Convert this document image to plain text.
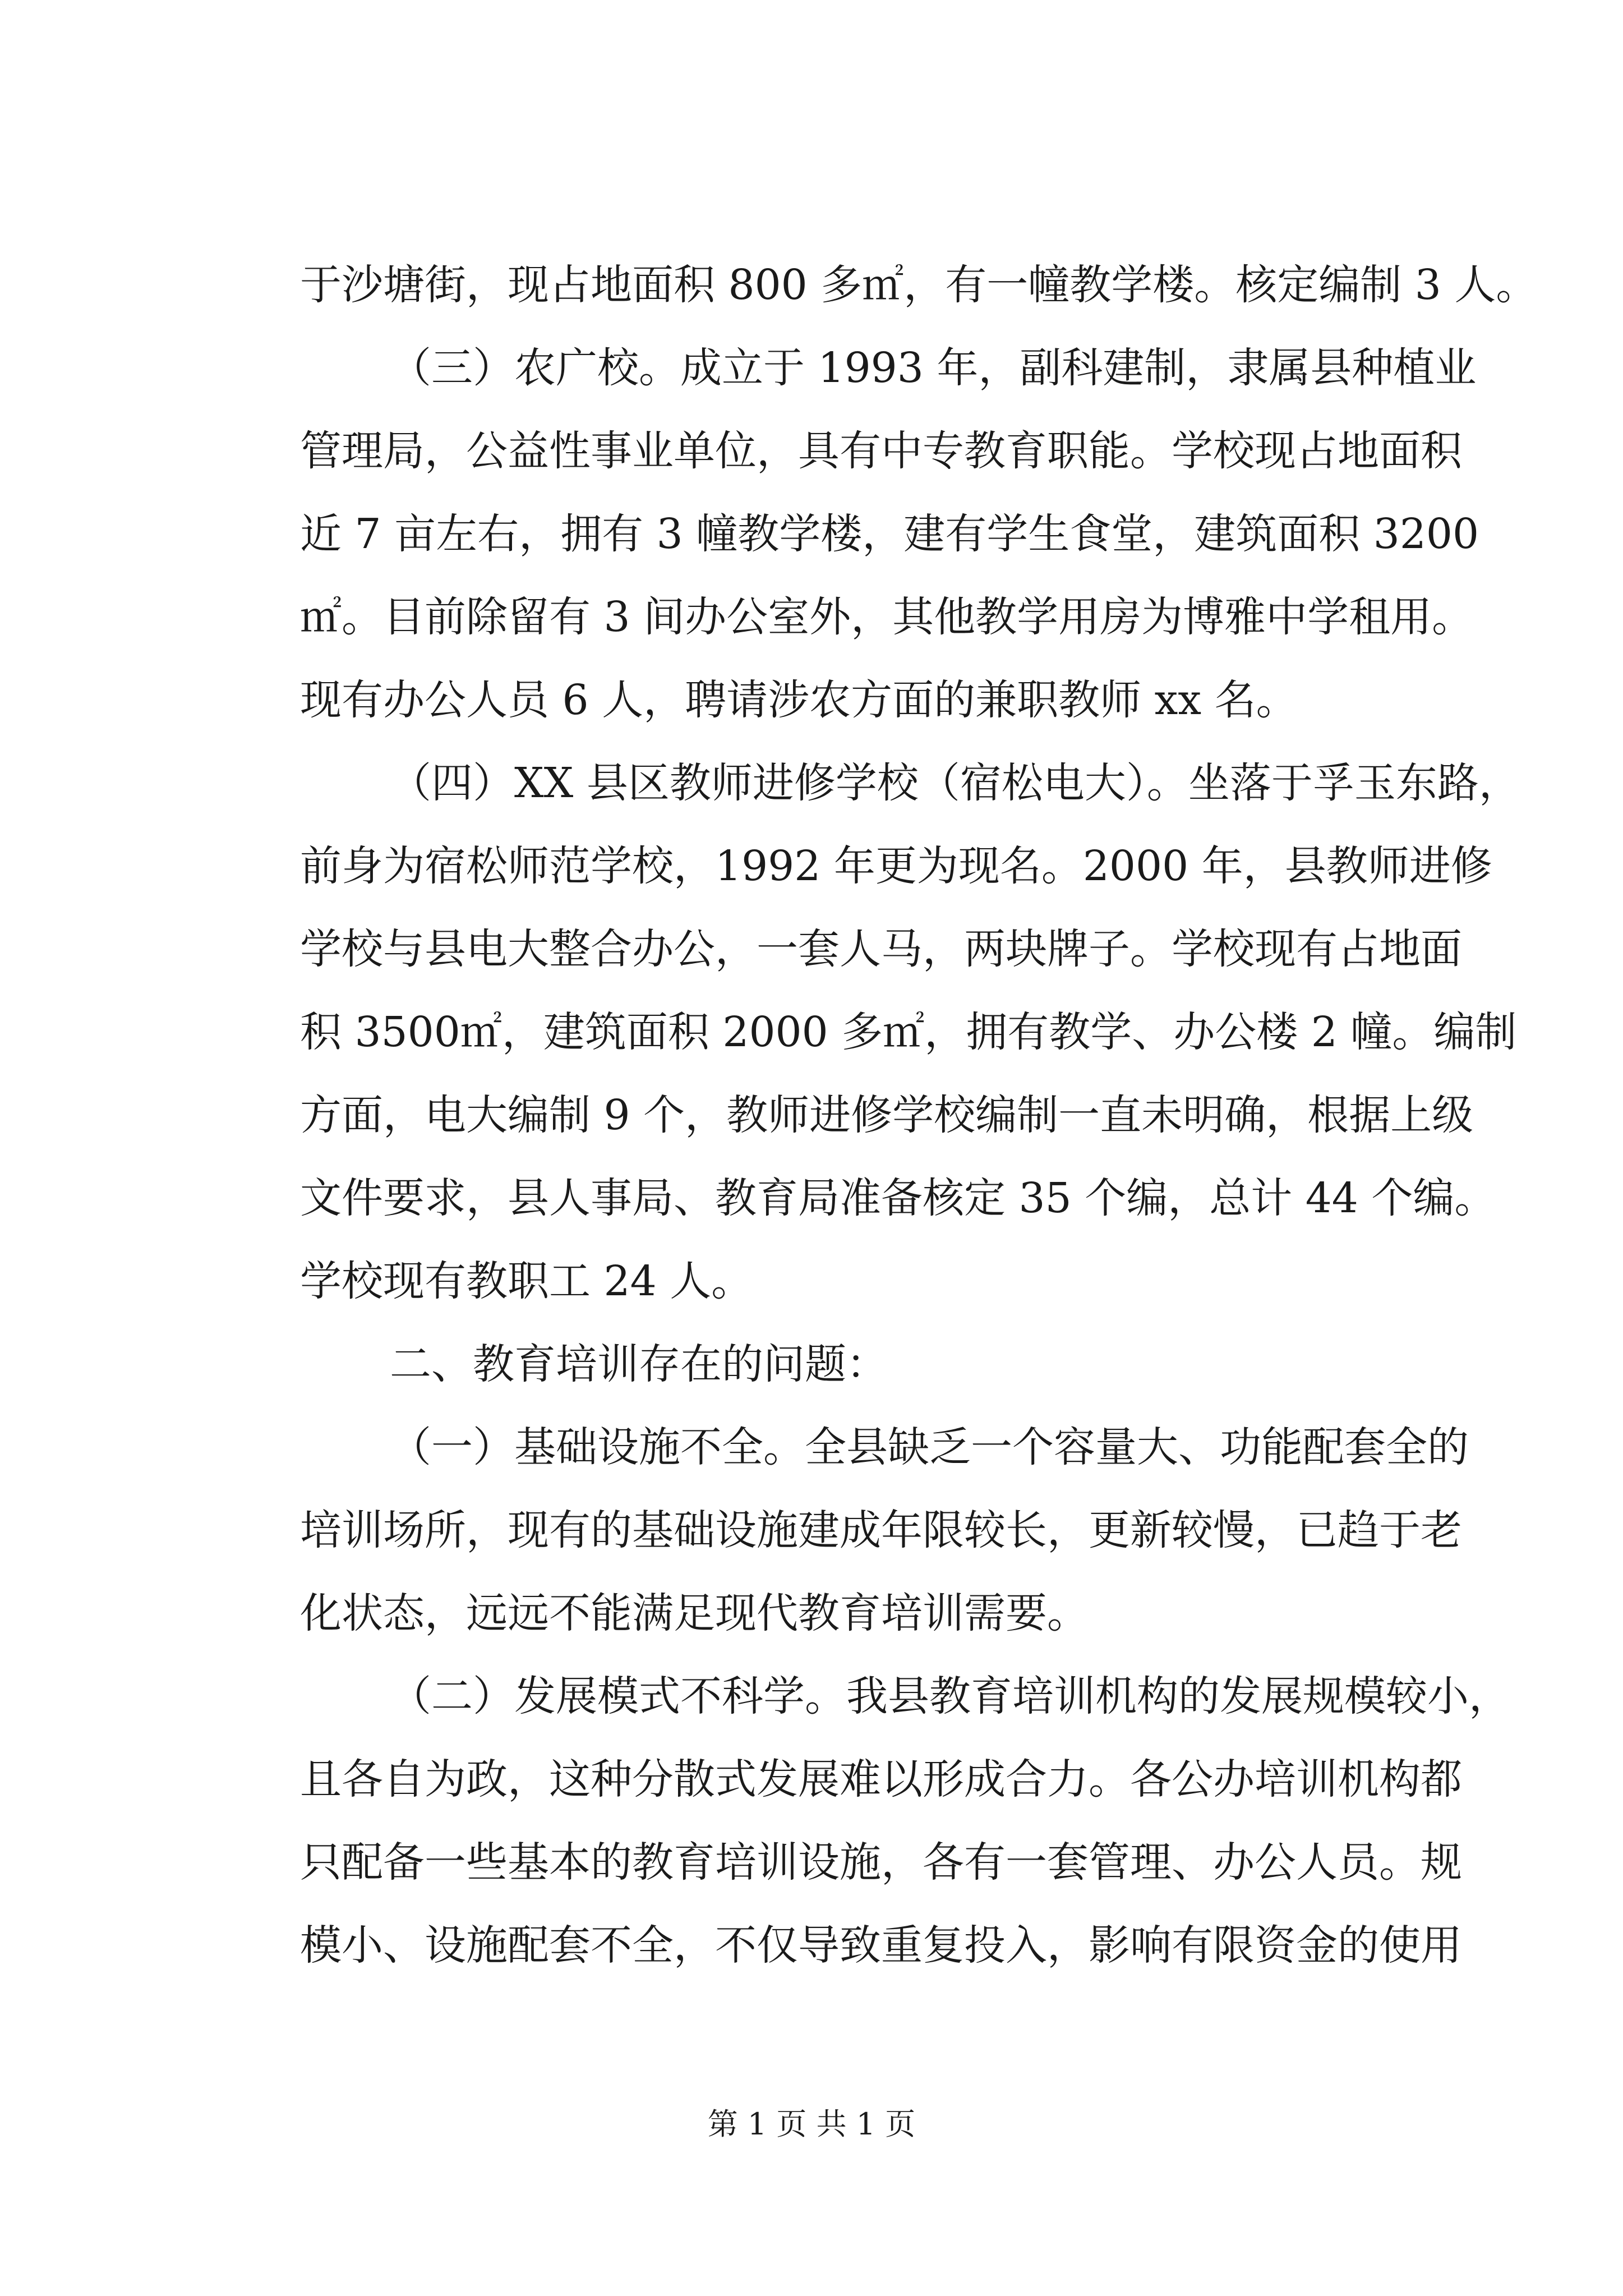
于沙塘街，现占地面积 800 多㎡，有一幢教学楼。核定编制 3 人。
（三）农广校。成立于 1993 年，副科建制，隶属县种植业
管理局，公益性事业单位，具有中专教育职能。学校现占地面积
近 7 亩左右，拥有 3 幢教学楼，建有学生食堂，建筑面积 3200
㎡。目前除留有 3 间办公室外，其他教学用房为博雅中学租用。
现有办公人员 6 人，聘请涉农方面的兼职教师 xx 名。
（四）XX 县区教师进修学校（宿松电大）。坐落于孚玉东路，
前身为宿松师范学校，1992 年更为现名。2000 年，县教师进修
学校与县电大整合办公，一套人马，两块牌子。学校现有占地面
积 3500㎡，建筑面积 2000 多㎡，拥有教学、办公楼 2 幢。编制
方面，电大编制 9 个，教师进修学校编制一直未明确，根据上级
文件要求，县人事局、教育局准备核定 35 个编，总计 44 个编。
学校现有教职工 24 人。
二、教育培训存在的问题：
（一）基础设施不全。全县缺乏一个容量大、功能配套全的
培训场所，现有的基础设施建成年限较长，更新较慢，已趋于老
化状态，远远不能满足现代教育培训需要。
（二）发展模式不科学。我县教育培训机构的发展规模较小，
且各自为政，这种分散式发展难以形成合力。各公办培训机构都
只配备一些基本的教育培训设施，各有一套管理、办公人员。规
模小、设施配套不全，不仅导致重复投入，影响有限资金的使用
第 1 页 共 1 页
